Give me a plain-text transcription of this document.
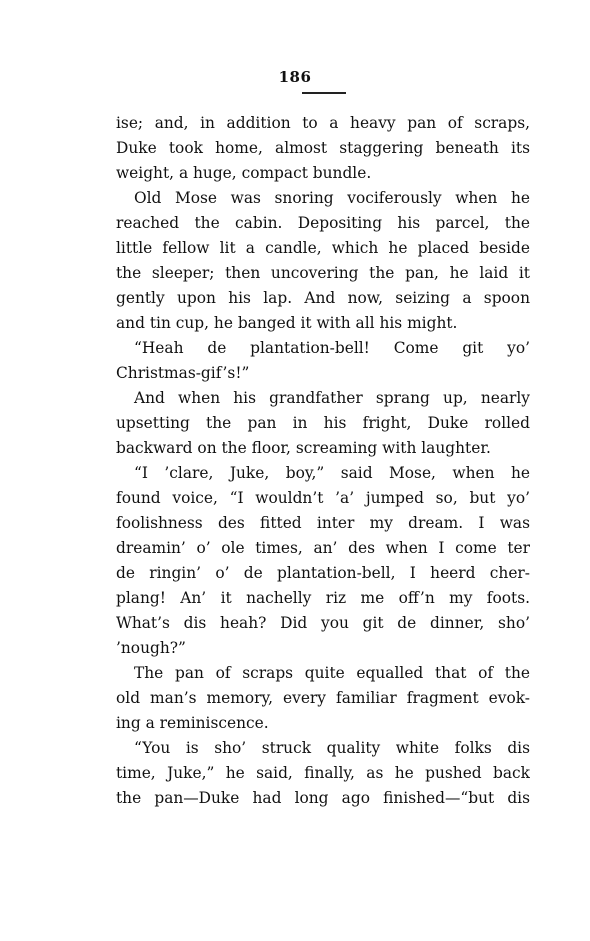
186
ise; and, in addition to a heavy pan of scraps,
Duke took home, almost staggering beneath its
weight, a huge, compact bundle.
Old Mose was snoring vociferously when he
reached the cabin. Depositing his parcel, the
little fellow lit a candle, which he placed beside
the sleeper; then uncovering the pan, he laid it
gently upon his lap. And now, seizing a spoon
and tin cup, he banged it with all his might.
“Heah de plantation-bell! Come git yo’
Christmas-gif’s!”
And when his grandfather sprang up, nearly
upsetting the pan in his fright, Duke rolled
backward on the floor, screaming with laughter.
“I ’clare, Juke, boy,” said Mose, when he
found voice, “I wouldn’t ’a’ jumped so, but yo’
foolishness des fitted inter my dream. I was
dreamin’ o’ ole times, an’ des when I come ter
de ringin’ o’ de plantation-bell, I heerd cher-
plang! An’ it nachelly riz me off’n my foots.
What’s dis heah? Did you git de dinner, sho’
’nough?”
The pan of scraps quite equalled that of the
old man’s memory, every familiar fragment evok-
ing a reminiscence.
“You is sho’ struck quality white folks dis
time, Juke,” he said, finally, as he pushed back
the pan—Duke had long ago finished—“but dis
